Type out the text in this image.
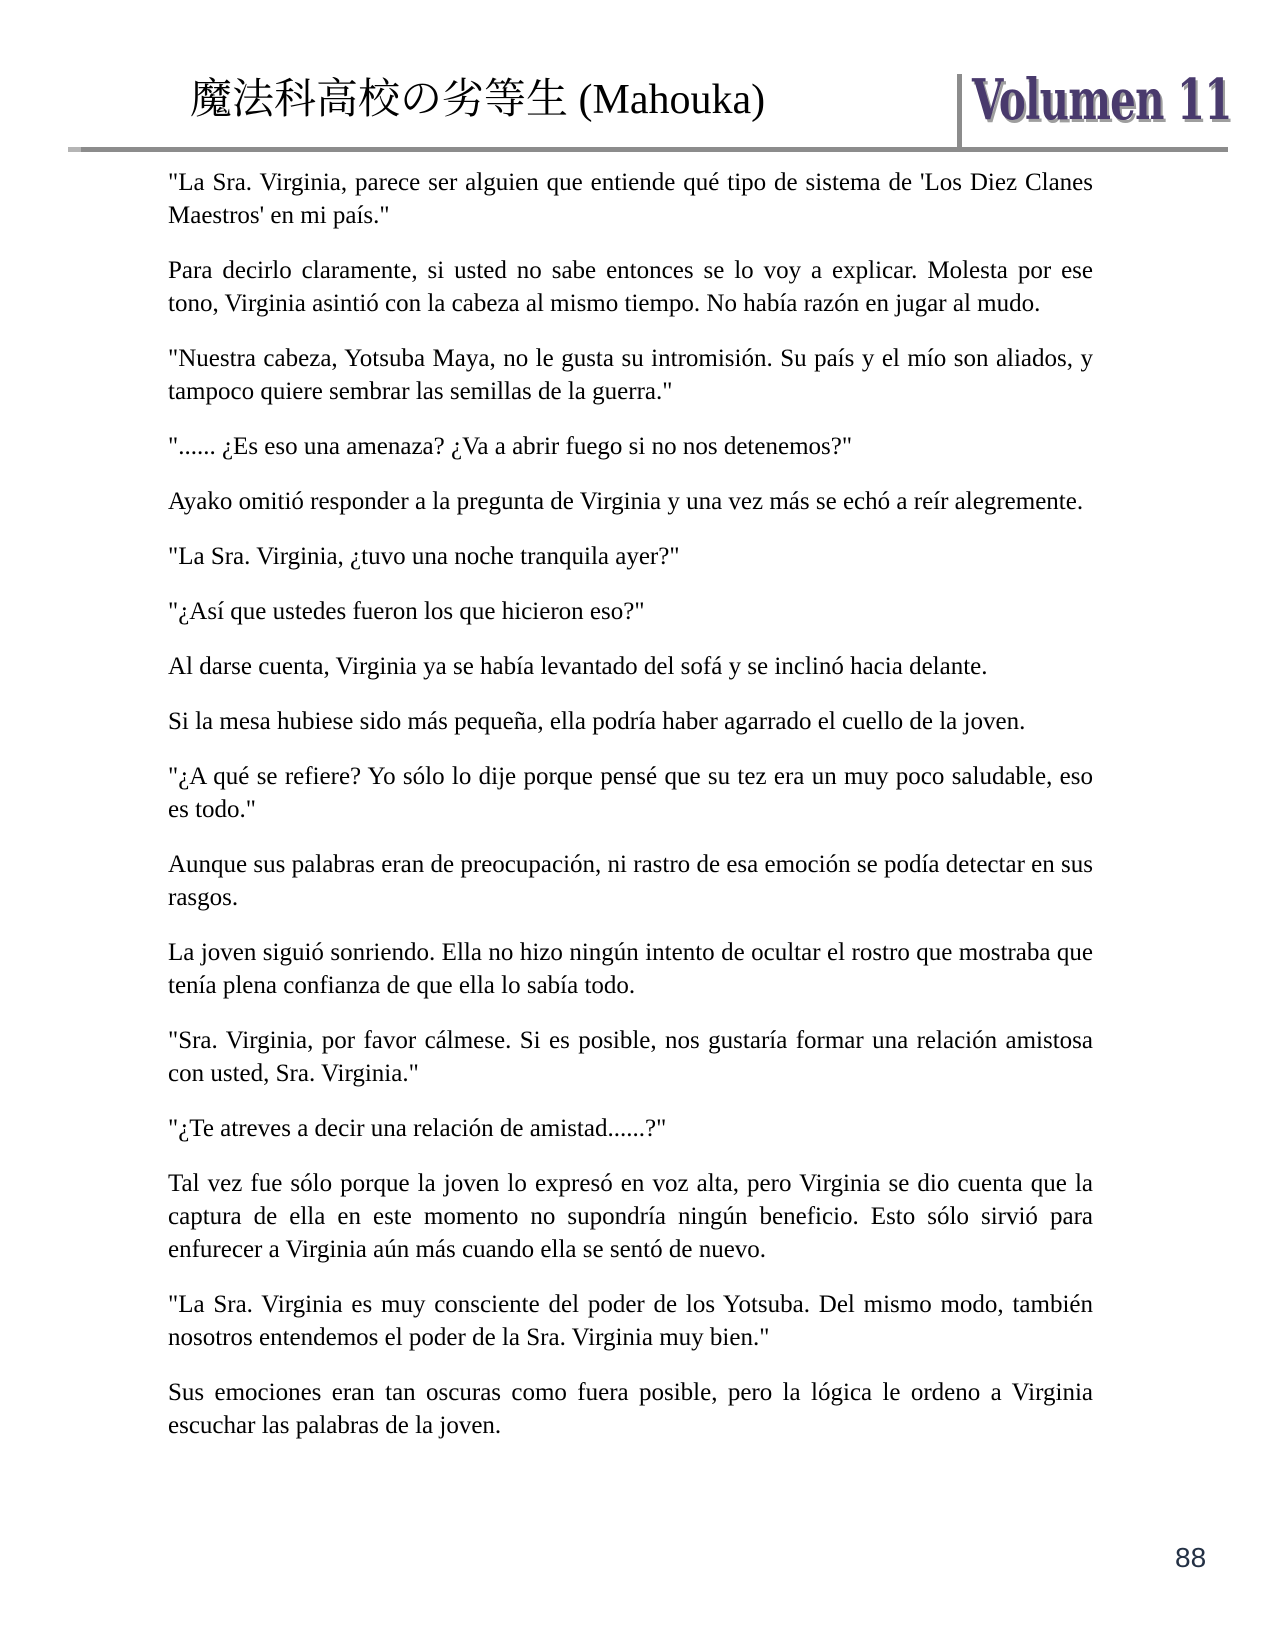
魔法科高校の劣等生 (Mahouka)	Volumen 11

"La Sra. Virginia, parece ser alguien que entiende qué tipo de sistema de 'Los Diez Clanes Maestros' en mi país."

Para decirlo claramente, si usted no sabe entonces se lo voy a explicar. Molesta por ese tono, Virginia asintió con la cabeza al mismo tiempo. No había razón en jugar al mudo.

"Nuestra cabeza, Yotsuba Maya, no le gusta su intromisión. Su país y el mío son aliados, y tampoco quiere sembrar las semillas de la guerra."

"...... ¿Es eso una amenaza? ¿Va a abrir fuego si no nos detenemos?"

Ayako omitió responder a la pregunta de Virginia y una vez más se echó a reír alegremente.

"La Sra. Virginia, ¿tuvo una noche tranquila ayer?"

"¿Así que ustedes fueron los que hicieron eso?"

Al darse cuenta, Virginia ya se había levantado del sofá y se inclinó hacia delante.

Si la mesa hubiese sido más pequeña, ella podría haber agarrado el cuello de la joven.

"¿A qué se refiere? Yo sólo lo dije porque pensé que su tez era un muy poco saludable, eso es todo."

Aunque sus palabras eran de preocupación, ni rastro de esa emoción se podía detectar en sus rasgos.

La joven siguió sonriendo. Ella no hizo ningún intento de ocultar el rostro que mostraba que tenía plena confianza de que ella lo sabía todo.

"Sra. Virginia, por favor cálmese. Si es posible, nos gustaría formar una relación amistosa con usted, Sra. Virginia."

"¿Te atreves a decir una relación de amistad......?"

Tal vez fue sólo porque la joven lo expresó en voz alta, pero Virginia se dio cuenta que la captura de ella en este momento no supondría ningún beneficio. Esto sólo sirvió para enfurecer a Virginia aún más cuando ella se sentó de nuevo.

"La Sra. Virginia es muy consciente del poder de los Yotsuba. Del mismo modo, también nosotros entendemos el poder de la Sra. Virginia muy bien."

Sus emociones eran tan oscuras como fuera posible, pero la lógica le ordeno a Virginia escuchar las palabras de la joven.

88
